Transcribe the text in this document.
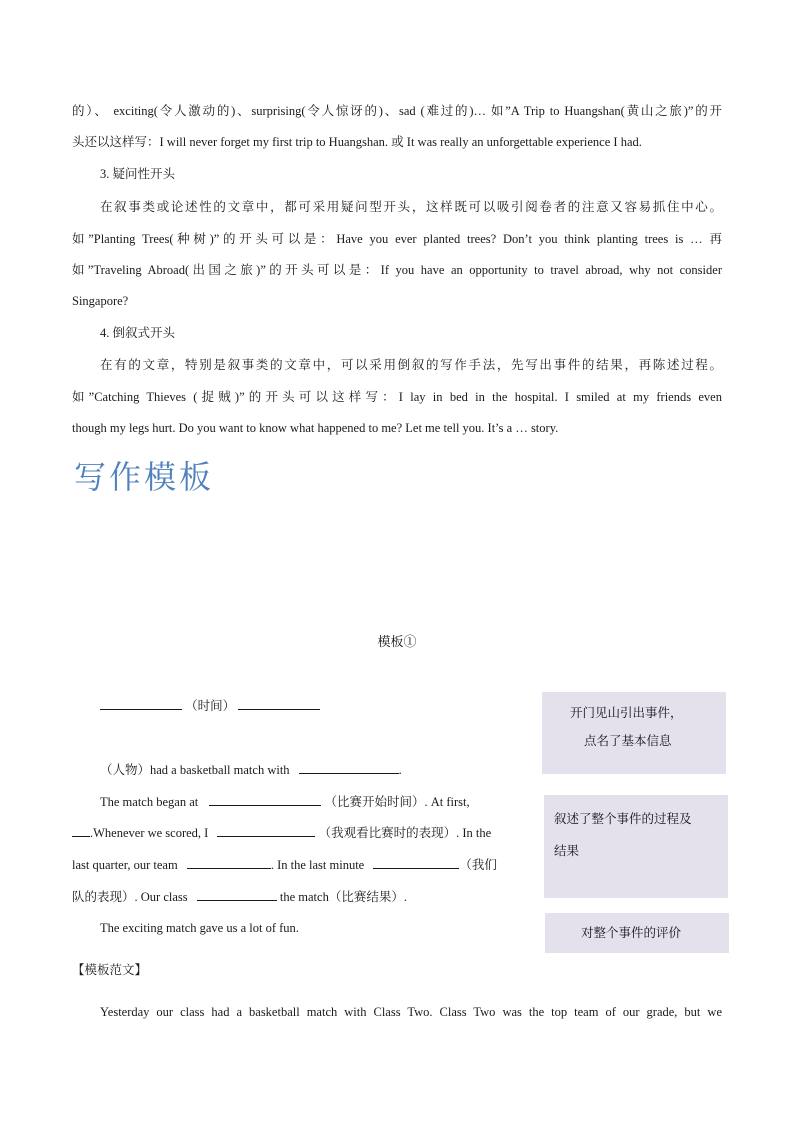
的）、 exciting(令人激动的)、surprising(令人惊讶的)、sad (难过的)… 如”A Trip to Huangshan(黄山之旅)”的开
头还以这样写：I will never forget my first trip to Huangshan. 或 It was really an unforgettable experience I had.
3. 疑问性开头
在叙事类或论述性的文章中，都可采用疑问型开头，这样既可以吸引阅卷者的注意又容易抓住中心。
如”Planting Trees(种树)”的开头可以是：Have you ever planted trees? Don’t you think planting trees is … 再
如”Traveling Abroad(出国之旅)”的开头可以是：If you have an opportunity to travel abroad, why not consider
Singapore?
4. 倒叙式开头
在有的文章，特别是叙事类的文章中，可以采用倒叙的写作手法，先写出事件的结果，再陈述过程。
如”Catching Thieves (捉贼)”的开头可以这样写：I lay in bed in the hospital. I smiled at my friends even
though my legs hurt. Do you want to know what happened to me? Let me tell you. It’s a … story.
写作模板
模板①
（时间）
（人物）had a basketball match with	.
The match began at	（比赛开始时间）. At first,
.Whenever we scored, I	（我观看比赛时的表现）. In the
last quarter, our team	. In the last minute	（我们
队的表现）. Our class	the match（比赛结果）.
The exciting match gave us a lot of fun.
开门见山引出事件，
点名了基本信息
叙述了整个事件的过程及
结果
对整个事件的评价
【模板范文】
Yesterday our class had a basketball match with Class Two. Class Two was the top team of our grade, but we
